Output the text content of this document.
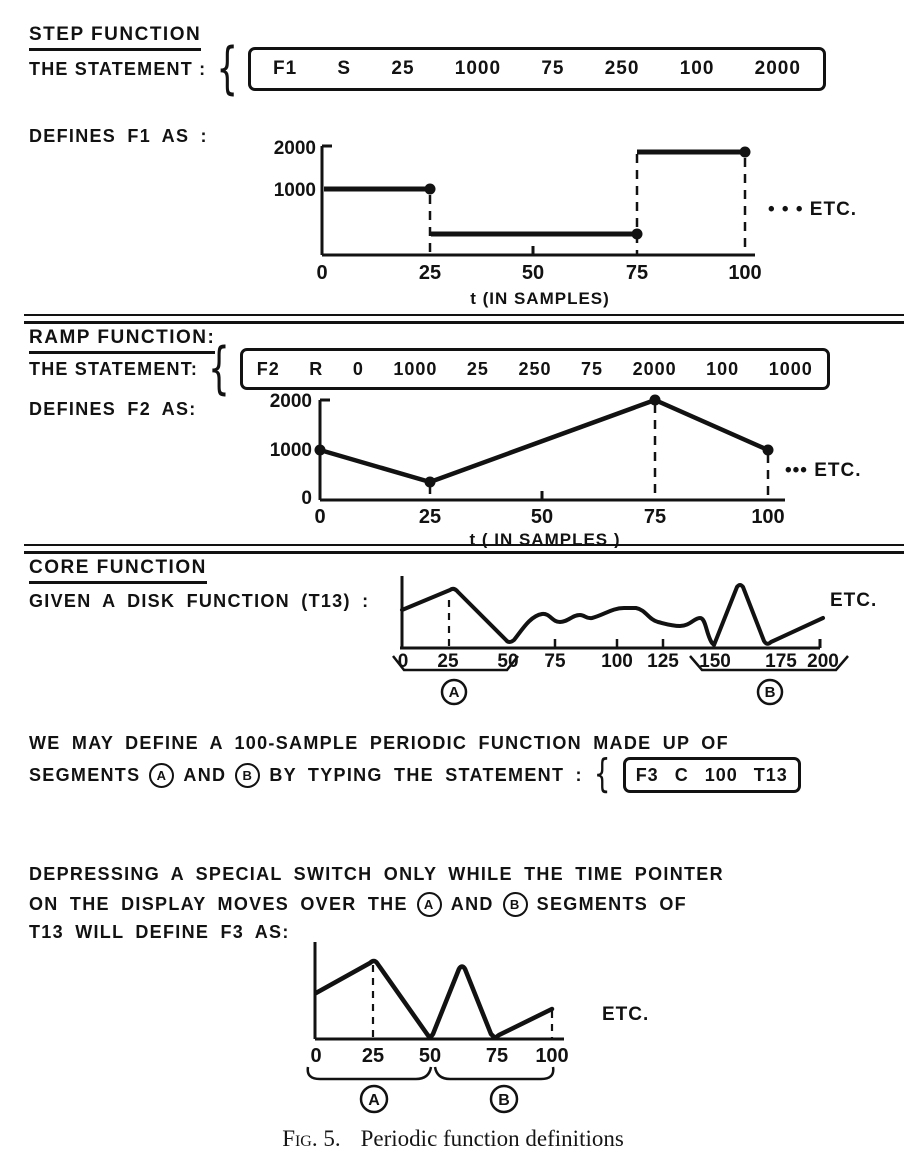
STEP FUNCTION
THE STATEMENT : { F1 S 25 1000 75 250 100 2000
DEFINES F1 AS :
2000
1000
0	25	50	75	100
t (IN SAMPLES)
• • • ETC.
RAMP FUNCTION:
THE STATEMENT: { F2 R 0 1000 25 250 75 2000 100 1000
DEFINES F2 AS:	2000
1000
0
0	25	50	75	100
t ( IN SAMPLES )
••• ETC.
CORE FUNCTION
GIVEN A DISK FUNCTION (T13) :
0 25 50 75 100 125 150 175 200
A	B
ETC.
WE MAY DEFINE A 100-SAMPLE PERIODIC FUNCTION MADE UP OF
SEGMENTS	A AND	B BY TYPING THE STATEMENT : { F3 C 100 T13
DEPRESSING A SPECIAL SWITCH ONLY WHILE THE TIME POINTER
ON THE DISPLAY MOVES OVER THE	A AND	B SEGMENTS OF
T13 WILL DEFINE F3 AS:
0 25 50 75 100
A	B
ETC.
Fig. 5. Periodic function definitions
